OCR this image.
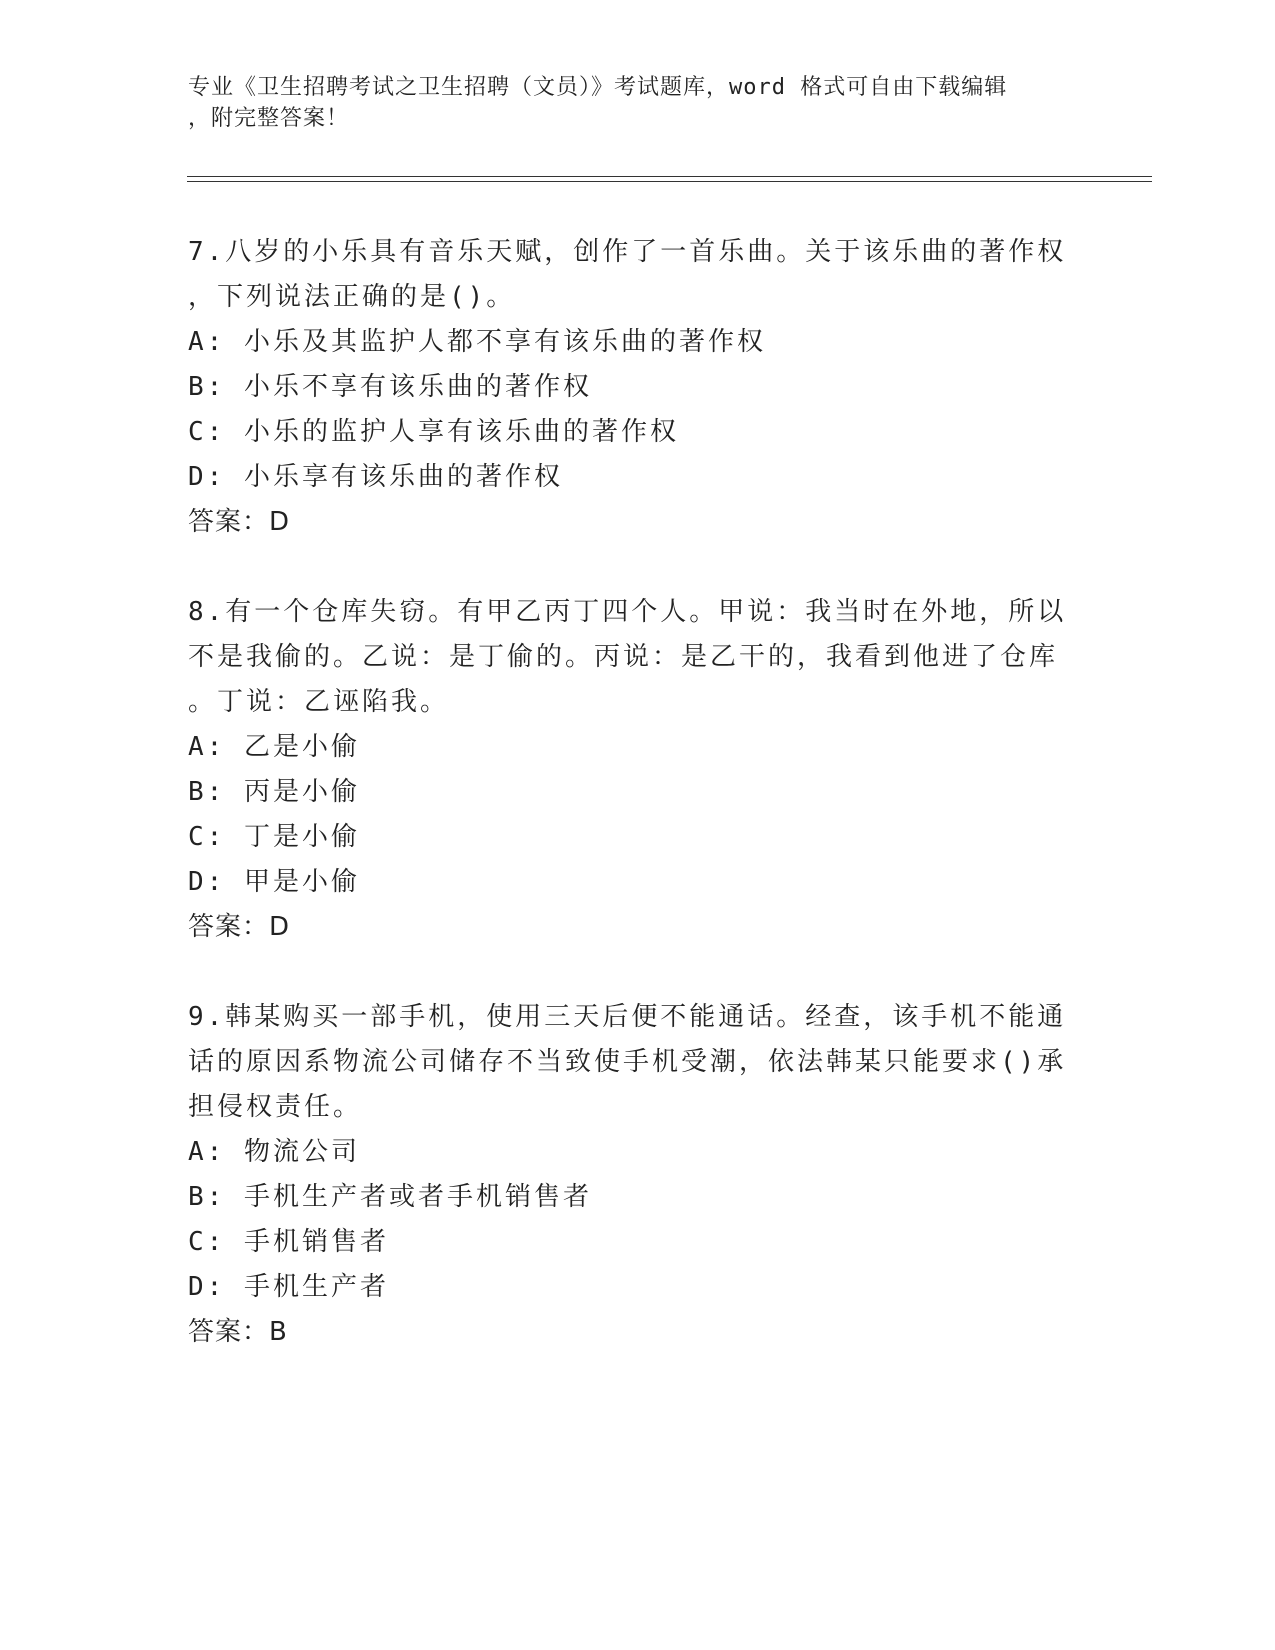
专业《卫生招聘考试之卫生招聘（文员）》考试题库，word 格式可自由下载编辑
，附完整答案！
7.八岁的小乐具有音乐天赋，创作了一首乐曲。关于该乐曲的著作权
，下列说法正确的是()。
A: 小乐及其监护人都不享有该乐曲的著作权
B: 小乐不享有该乐曲的著作权
C: 小乐的监护人享有该乐曲的著作权
D: 小乐享有该乐曲的著作权
答案：D
8.有一个仓库失窃。有甲乙丙丁四个人。甲说：我当时在外地，所以
不是我偷的。乙说：是丁偷的。丙说：是乙干的，我看到他进了仓库
。丁说：乙诬陷我。
A: 乙是小偷
B: 丙是小偷
C: 丁是小偷
D: 甲是小偷
答案：D
9.韩某购买一部手机，使用三天后便不能通话。经查，该手机不能通
话的原因系物流公司储存不当致使手机受潮，依法韩某只能要求()承
担侵权责任。
A: 物流公司
B: 手机生产者或者手机销售者
C: 手机销售者
D: 手机生产者
答案：B
